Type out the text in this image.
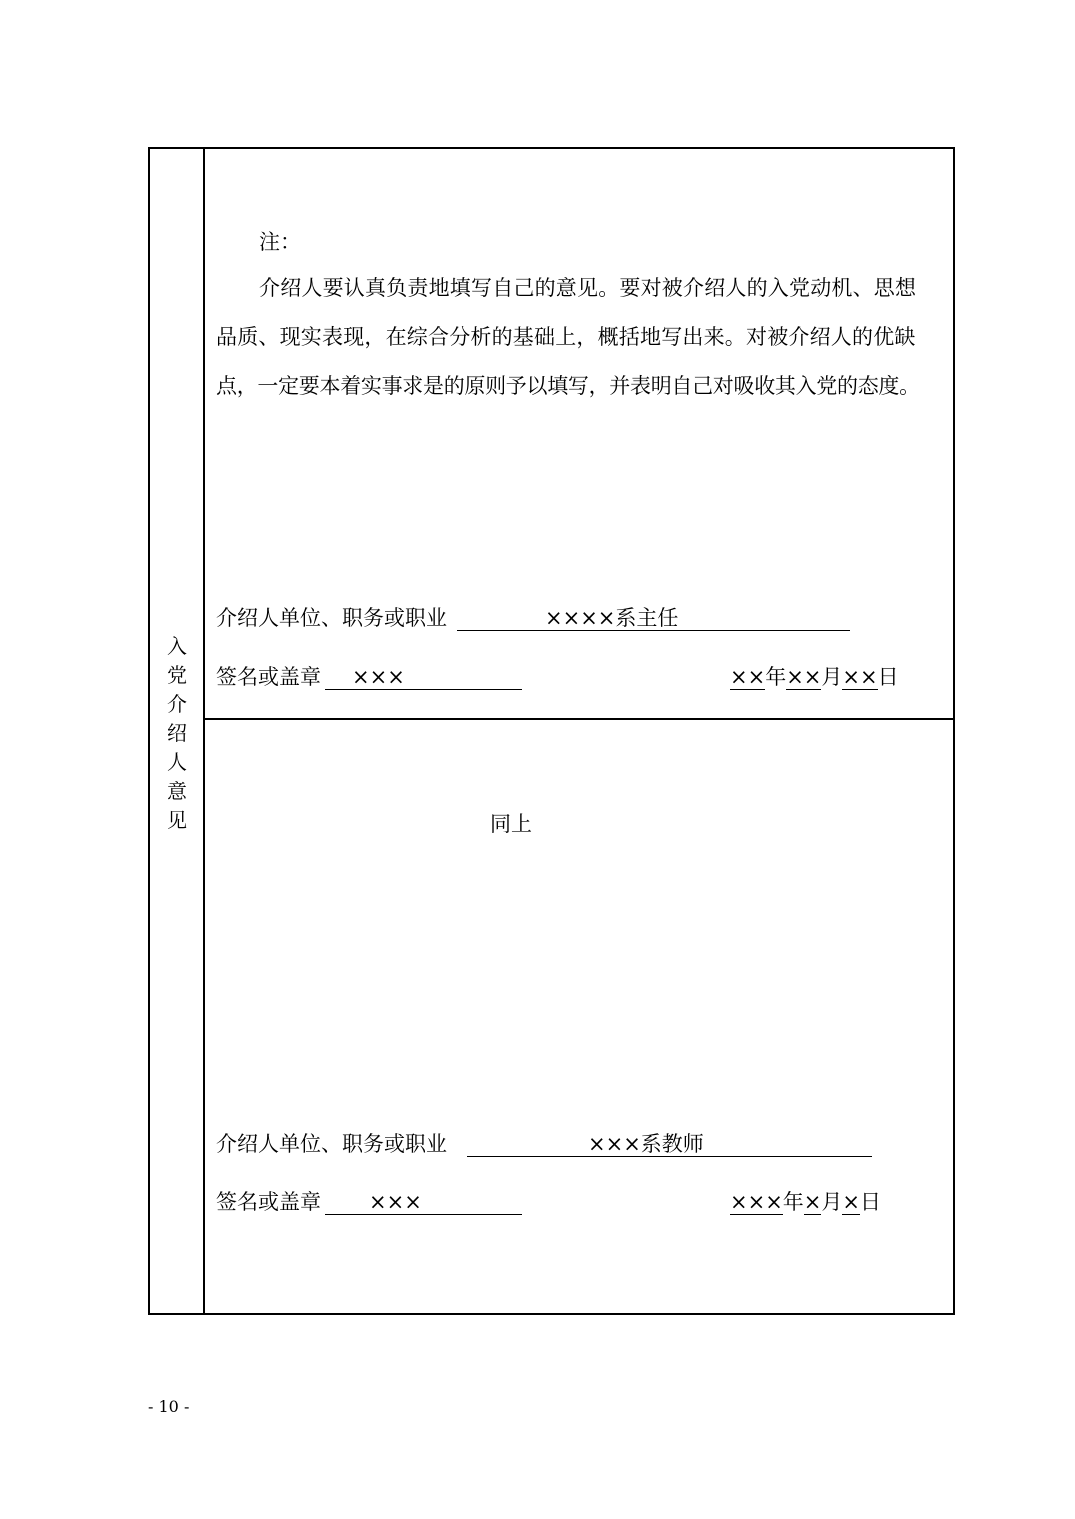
入
党
介
绍
人
意
见
注：
介绍人要认真负责地填写自己的意见。要对被介绍人的入党动机、思想
品质、现实表现，在综合分析的基础上，概括地写出来。对被介绍人的优缺
点，一定要本着实事求是的原则予以填写，并表明自己对吸收其入党的态度。
介绍人单位、职务或职业	××××系主任
签名或盖章 ×××	××年××月××日
同上
介绍人单位、职务或职业	×××系教师
签名或盖章 ×××	×××年×月×日
- 10 -
